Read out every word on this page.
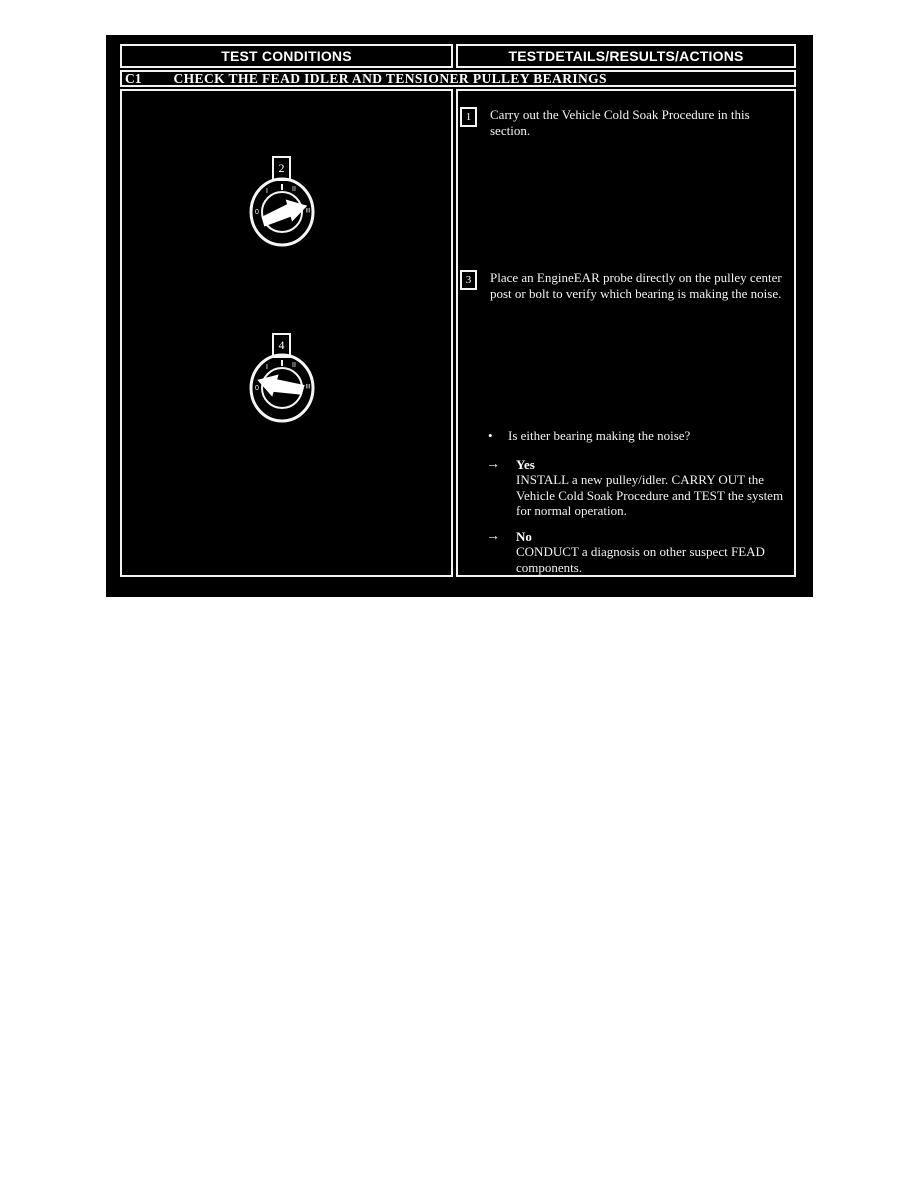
TEST CONDITIONS	TESTDETAILS/RESULTS/ACTIONS
C1 CHECK THE FEAD IDLER AND TENSIONER PULLEY BEARINGS
2
0
I	II
III
4
0
I	II
III
1 Carry out the Vehicle Cold Soak Procedure in this section.
3 Place an EngineEAR probe directly on the pulley center post or bolt to verify which bearing is making the noise.
•	Is either bearing making the noise?
→	Yes
INSTALL a new pulley/idler. CARRY OUT the Vehicle Cold Soak Procedure and TEST the system for normal operation.
→	No
CONDUCT a diagnosis on other suspect FEAD components.
